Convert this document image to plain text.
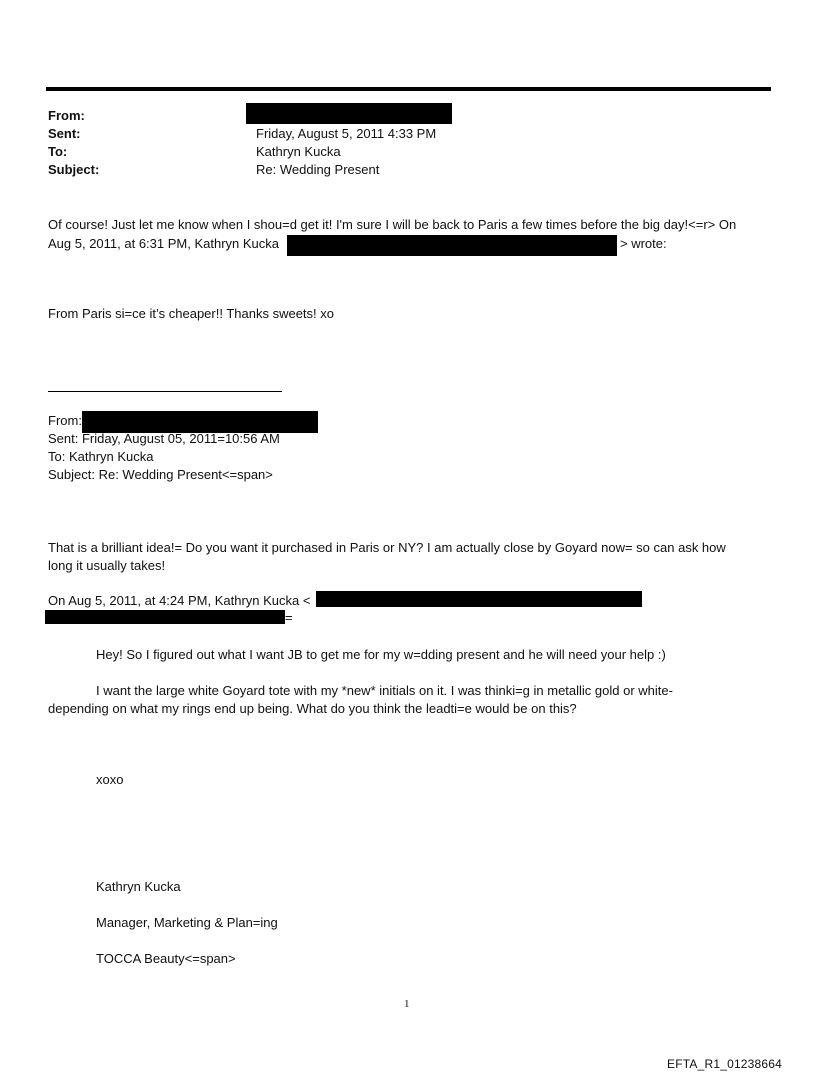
From:
Sent:	Friday, August 5, 2011 4:33 PM
To:	Kathryn Kucka
Subject:	Re: Wedding Present
Of course! Just let me know when I shou=d get it! I'm sure I will be back to Paris a few times before the big day!<=r> On
Aug 5, 2011, at 6:31 PM, Kathryn Kucka	> wrote:
From Paris si=ce it’s cheaper!! Thanks sweets! xo
From:
Sent: Friday, August 05, 2011=10:56 AM
To: Kathryn Kucka
Subject: Re: Wedding Present<=span>
That is a brilliant idea!= Do you want it purchased in Paris or NY? I am actually close by Goyard now= so can ask how
long it usually takes!
On Aug 5, 2011, at 4:24 PM, Kathryn Kucka <
=
Hey! So I figured out what I want JB to get me for my w=dding present and he will need your help :)
I want the large white Goyard tote with my *new* initials on it. I was thinki=g in metallic gold or white-
depending on what my rings end up being. What do you think the leadti=e would be on this?
xoxo
Kathryn Kucka
Manager, Marketing & Plan=ing
TOCCA Beauty<=span>
1
EFTA_R1_01238664
